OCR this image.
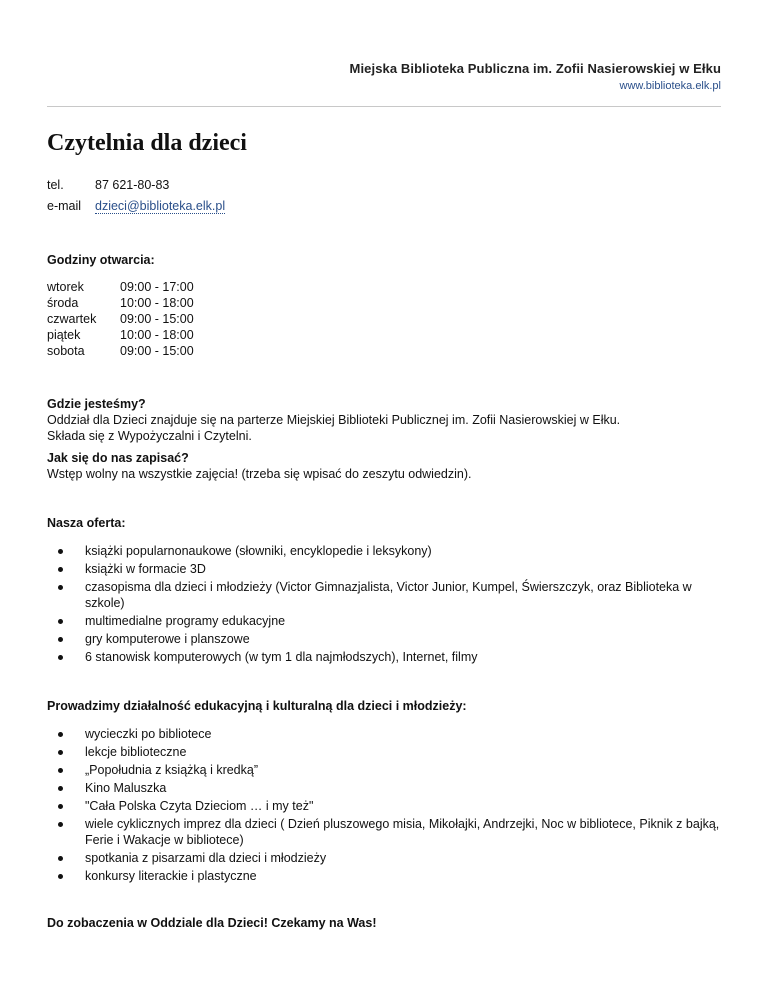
Miejska Biblioteka Publiczna im. Zofii Nasierowskiej w Ełku
www.biblioteka.elk.pl
Czytelnia dla dzieci
tel.	87 621-80-83
e-mail	dzieci@biblioteka.elk.pl
Godziny otwarcia:
wtorek	09:00 - 17:00
środa	10:00 - 18:00
czwartek	09:00 - 15:00
piątek	10:00 - 18:00
sobota	09:00 - 15:00
Gdzie jesteśmy?
Oddział dla Dzieci znajduje się na parterze Miejskiej Biblioteki Publicznej im. Zofii Nasierowskiej w Ełku.
Składa się z Wypożyczalni i Czytelni.
Jak się do nas zapisać?
Wstęp wolny na wszystkie zajęcia! (trzeba się wpisać do zeszytu odwiedzin).
Nasza oferta:
książki popularnonaukowe (słowniki, encyklopedie i leksykony)
książki w formacie 3D
czasopisma dla dzieci i młodzieży (Victor Gimnazjalista, Victor Junior, Kumpel, Świerszczyk, oraz Biblioteka w szkole)
multimedialne programy edukacyjne
gry komputerowe i planszowe
6 stanowisk komputerowych (w tym 1 dla najmłodszych), Internet, filmy
Prowadzimy działalność edukacyjną i kulturalną dla dzieci i młodzieży:
wycieczki po bibliotece
lekcje biblioteczne
„Popołudnia z książką i kredką”
Kino Maluszka
"Cała Polska Czyta Dzieciom … i my też"
wiele cyklicznych imprez dla dzieci ( Dzień pluszowego misia, Mikołajki, Andrzejki, Noc w bibliotece, Piknik z bajką, Ferie i Wakacje w bibliotece)
spotkania z pisarzami dla dzieci i młodzieży
konkursy literackie i plastyczne
Do zobaczenia w Oddziale dla Dzieci! Czekamy na Was!
